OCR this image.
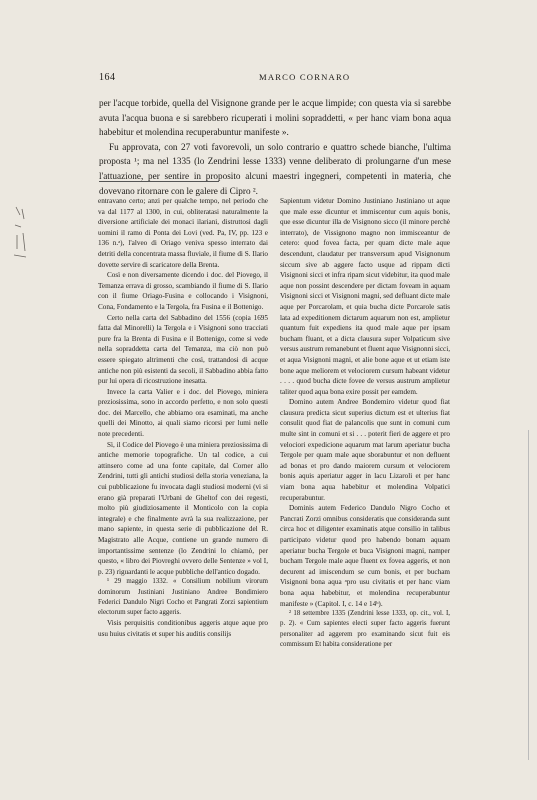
164	MARCO CORNARO

per l'acque torbide, quella del Visignone grande per le acque limpide; con questa via si sarebbe avuta l'acqua buona e si sarebbero ricuperati i molini sopraddetti, « per hanc viam bona aqua habebitur et molendina recuperabuntur manifeste ».

Fu approvata, con 27 voti favorevoli, un solo contrario e quattro schede bianche, l'ultima proposta ¹; ma nel 1335 (lo Zendrini lesse 1333) venne deliberato di prolungarne d'un mese l'attuazione, per sentire in proposito alcuni maestri ingegneri, competenti in materia, che dovevano ritornare con le galere di Cipro ².

entravano certo; anzi per qualche tempo, nel periodo che va dal 1177 al 1300, in cui, obliteratasi naturalmente la diversione artificiale dei monaci ilariani, distruttosi dagli uomini il ramo di Ponta dei Lovi (ved. Pa, IV, pp. 123 e 136 n.ᵃ), l'alveo di Oriago veniva spesso interrato dai detriti della concentrata massa fluviale, il fiume di S. Ilario dovette servire di scaricatore della Brenta.

Così e non diversamente dicendo i doc. del Piovego, il Temanza errava di grosso, scambiando il fiume di S. Ilario con il fiume Oriago-Fusina e collocando i Visignoni, Cona, Fondamento e la Tergola, fra Fusina e il Bottenigo.

Certo nella carta del Sabbadino del 1556 (copia 1695 fatta dal Minorelli) la Tergola e i Visignoni sono tracciati pure fra la Brenta di Fusina e il Bottenigo, come si vede nella sopraddetta carta del Temanza, ma ciò non può essere spiegato altrimenti che così, trattandosi di acque antiche non più esistenti da secoli, il Sabbadino abbia fatto pur lui opera di ricostruzione inesatta.

Invece la carta Valier e i doc. del Piovego, miniera preziosissima, sono in accordo perfetto, e non solo questi doc. dei Marcello, che abbiamo ora esaminati, ma anche quelli dei Minotto, ai quali siamo ricorsi per lumi nelle note precedenti.

Sì, il Codice del Piovego è una miniera preziosissima di antiche memorie topografiche. Un tal codice, a cui attinsero come ad una fonte capitale, dal Corner allo Zendrini, tutti gli antichi studiosi della storia veneziana, la cui pubblicazione fu invocata dagli studiosi moderni (vi si erano già preparati l'Urbani de Gheltof con dei regesti, molto più giudiziosamente il Monticolo con la copia integrale) e che finalmente avrà la sua realizzazione, per mano sapiente, in questa serie di pubblicazione del R. Magistrato alle Acque, contiene un grande numero di importantissime sentenze (lo Zendrini lo chiamò, per questo, « libro dei Piovreghi ovvero delle Sentenze » vol I, p. 23) riguardanti le acque pubbliche dell'antico dogado.

¹ 29 maggio 1332. « Consilium nobilium virorum dominorum Justiniani Justiniano Andree Bondimiero Federici Dandulo Nigri Cocho et Pangrati Zorzi sapientium electorum super facto aggeris.

Visis perquisitis conditionibus aggeris atque aque pro usu huius civitatis et super his auditis consilijs

Sapientum videtur Domino Justiniano Justiniano ut aque que male esse dicuntur et immiscentur cum aquis bonis, que esse dicuntur illa de Visignono sicco (il minore perchè interrato), de Vissignono magno non immisceantur de cetero: quod fovea facta, per quam dicte male aque descendunt, claudatur per transversum apud Visignonum siccum sive ab aggere facto usque ad rippam dicti Visignoni sicci et infra ripam sicut videbitur, ita quod male aque non possint descendere per dictam foveam in aquam Visignoni sicci et Visignoni magni, sed defluant dicte male aque per Porcarolam, et quia bucha dicte Porcarole satis lata ad expeditionem dictarum aquarum non est, amplietur quantum fuit expediens ita quod male aque per ipsam bucham fluant, et a dicta clausura super Volpaticum sive versus austrum remanebunt et fluent aque Visignonni sicci, et aqua Visignoni magni, et alie bone aque et ut etiam iste bone aque meliorem et velociorem cursum habeant videtur . . . . quod bucha dicte fovee de versus austrum amplietur taliter quod aqua bona exire possit per eamdem.

Domino autem Andree Bondemiro videtur quod fiat clausura predicta sicut superius dictum est et ulterius fiat consulit quod fiat de palancolis que sunt in comuni cum multe sint in comuni et si . . . poterit fieri de aggere et pro velociori expedicione aquarum mat larum aperiatur bucha Tergole per quam male aque sborabuntur et non defluent ad bonas et pro dando maiorem cursum et velociorem bonis aquis aperiatur agger in lacu Lizaroli et per hanc viam bona aqua habebitur et molendina Volpatici recuperabuntur.

Dominis autem Federico Dandulo Nigro Cocho et Pancrati Zorzi omnibus consideratis que consideranda sunt circa hoc et diligenter examinatis atque consilio in talibus participato videtur quod pro habendo bonam aquam aperiatur bucha Tergole et buca Visignoni magni, namper bucham Tergole male aque fluent ex fovea aggeris, et non decurent ad imiscendum se cum bonis, et per bucham Visignoni bona aqua ᵃpro usu civitatis et per hanc viam bona aqua habebitur, et molendina recuperabuntur manifeste » (Capitol. I, c. 14 e 14ᵇ).

² 18 settembre 1335 (Zendrini lesse 1333, op. cit., vol. I, p. 2). « Cum sapientes electi super facto aggeris fuerunt personaliter ad aggerem pro examinando sicut fuit eis commissum Et habita consideratione per
